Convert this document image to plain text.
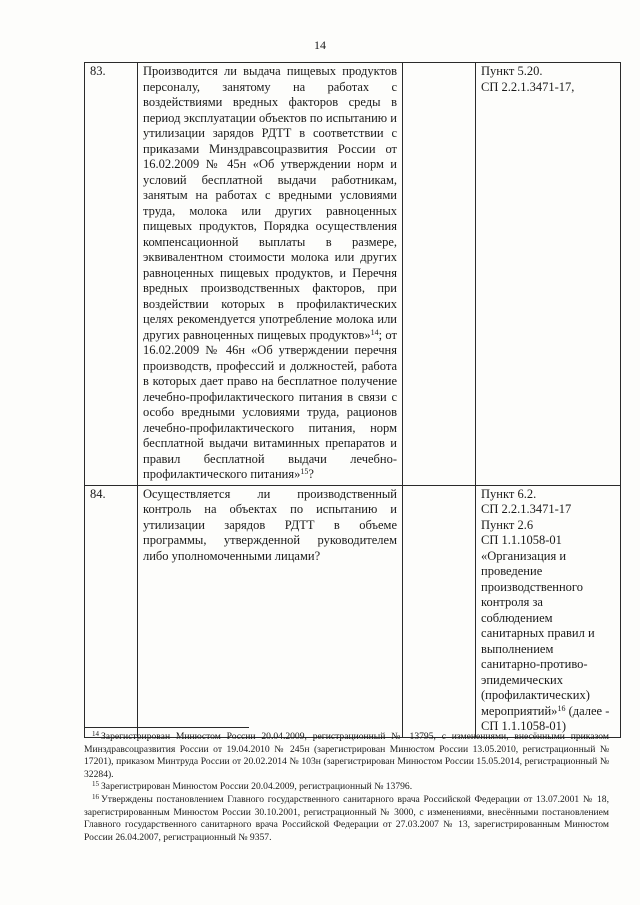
14
83.	Производится ли выдача пищевых продуктов персоналу, занятому на работах с воздействиями вредных факторов среды в период эксплуатации объектов по испытанию и утилизации зарядов РДТТ в соответствии с приказами Минздравсоцразвития России от 16.02.2009 № 45н «Об утверждении норм и условий бесплатной выдачи работникам, занятым на работах с вредными условиями труда, молока или других равноценных пищевых продуктов, Порядка осуществления компенсационной выплаты в размере, эквивалентном стоимости молока или других равноценных пищевых продуктов, и Перечня вредных производственных факторов, при воздействии которых в профилактических целях рекомендуется употребление молока или других равноценных пищевых продуктов»$^{14}$; от 16.02.2009 № 46н «Об утверждении перечня производств, профессий и должностей, работа в которых дает право на бесплатное получение лечебно-профилактического питания в связи с особо вредными условиями труда, рационов лечебно-профилактического питания, норм бесплатной выдачи витаминных препаратов и правил бесплатной выдачи лечебно-профилактического питания»$^{15}$?		Пункт 5.20.
СП 2.2.1.3471-17,

84.	Осуществляется ли производственный контроль на объектах по испытанию и утилизации зарядов РДТТ в объеме программы, утвержденной руководителем либо уполномоченными лицами?		Пункт 6.2.
СП 2.2.1.3471-17
Пункт 2.6
СП 1.1.1058-01
«Организация и проведение производственного контроля за соблюдением санитарных правил и выполнением санитарно-противо-эпидемических (профилактических) мероприятий»$^{16}$ (далее - СП 1.1.1058-01)

$^{14}$ Зарегистрирован Минюстом России 20.04.2009, регистрационный № 13795, с изменениями, внесёнными приказом Минздравсоцразвития России от 19.04.2010 № 245н (зарегистрирован Минюстом России 13.05.2010, регистрационный № 17201), приказом Минтруда России от 20.02.2014 № 103н (зарегистрирован Минюстом России 15.05.2014, регистрационный № 32284).

$^{15}$ Зарегистрирован Минюстом России 20.04.2009, регистрационный № 13796.

$^{16}$ Утверждены постановлением Главного государственного санитарного врача Российской Федерации от 13.07.2001 № 18, зарегистрированным Минюстом России 30.10.2001, регистрационный № 3000, с изменениями, внесёнными постановлением Главного государственного санитарного врача Российской Федерации от 27.03.2007 № 13, зарегистрированным Минюстом России 26.04.2007, регистрационный № 9357.
